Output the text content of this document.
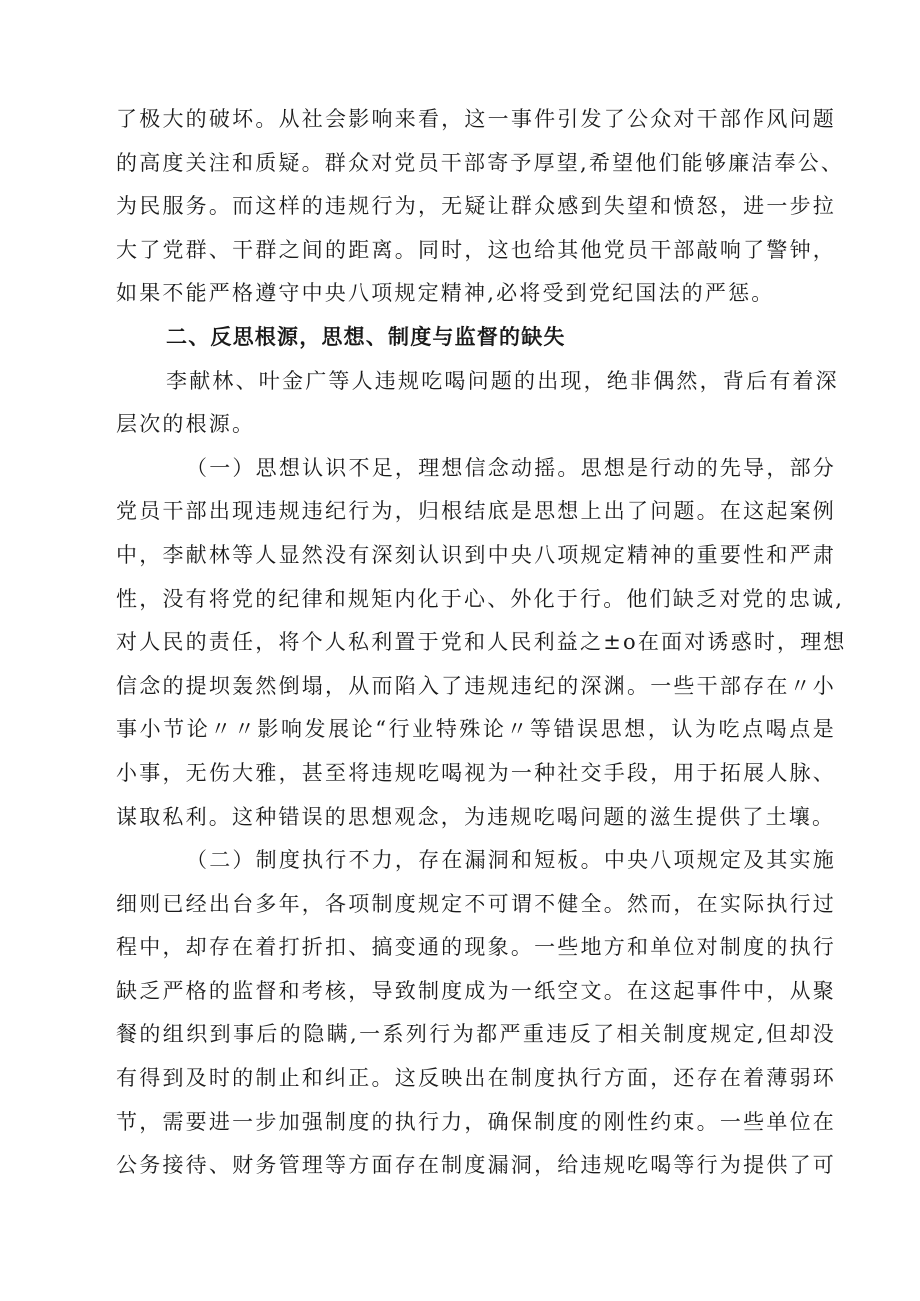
了极大的破坏。从社会影响来看，这一事件引发了公众对干部作风问题
的高度关注和质疑。群众对党员干部寄予厚望,希望他们能够廉洁奉公、
为民服务。而这样的违规行为，无疑让群众感到失望和愤怒，进一步拉
大了党群、干群之间的距离。同时，这也给其他党员干部敲响了警钟，
如果不能严格遵守中央八项规定精神,必将受到党纪国法的严惩。
二、反思根源，思想、制度与监督的缺失
李献林、叶金广等人违规吃喝问题的出现，绝非偶然，背后有着深
层次的根源。
（一）思想认识不足，理想信念动摇。思想是行动的先导，部分
党员干部出现违规违纪行为，归根结底是思想上出了问题。在这起案例
中，李献林等人显然没有深刻认识到中央八项规定精神的重要性和严肃
性，没有将党的纪律和规矩内化于心、外化于行。他们缺乏对党的忠诚,
对人民的责任，将个人私利置于党和人民利益之±o在面对诱惑时，理想
信念的提坝轰然倒塌，从而陷入了违规违纪的深渊。一些干部存在〃小
事小节论〃〃影响发展论“行业特殊论〃等错误思想，认为吃点喝点是
小事，无伤大雅，甚至将违规吃喝视为一种社交手段，用于拓展人脉、
谋取私利。这种错误的思想观念，为违规吃喝问题的滋生提供了土壤。
（二）制度执行不力，存在漏洞和短板。中央八项规定及其实施
细则已经出台多年，各项制度规定不可谓不健全。然而，在实际执行过
程中，却存在着打折扣、搞变通的现象。一些地方和单位对制度的执行
缺乏严格的监督和考核，导致制度成为一纸空文。在这起事件中，从聚
餐的组织到事后的隐瞒,一系列行为都严重违反了相关制度规定,但却没
有得到及时的制止和纠正。这反映出在制度执行方面，还存在着薄弱环
节，需要进一步加强制度的执行力，确保制度的刚性约束。一些单位在
公务接待、财务管理等方面存在制度漏洞，给违规吃喝等行为提供了可
